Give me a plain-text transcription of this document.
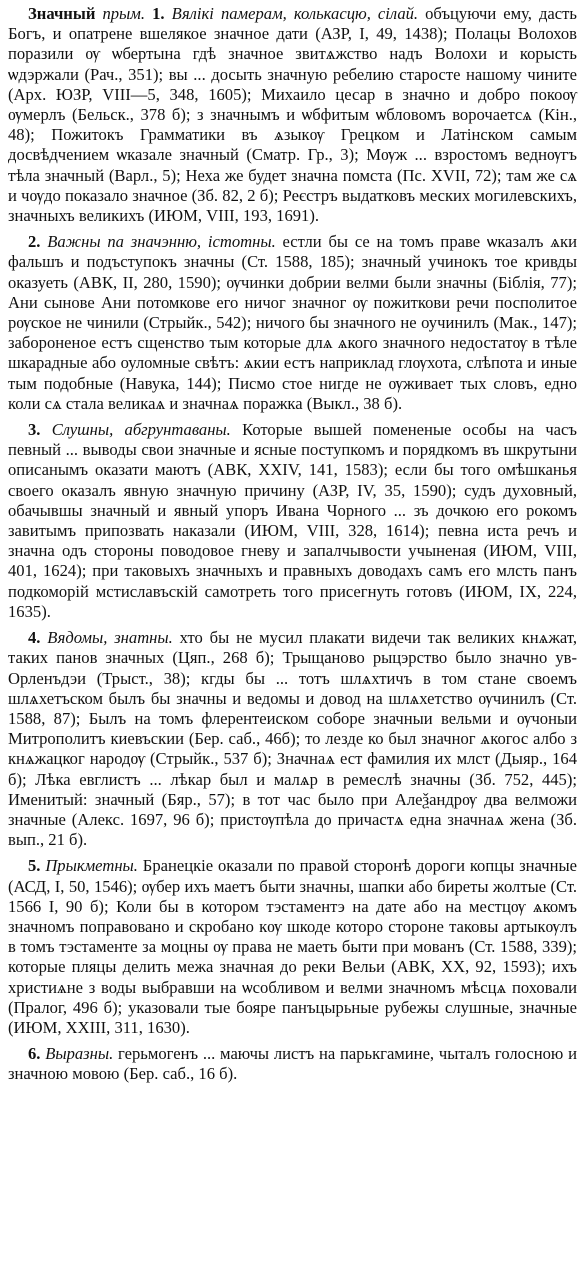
Значный прым. 1. Вялікі памерам, колькасцю, сілай. объцуючи ему, дасть Богъ, и опатрене вшелякое значное дати (АЗР, I, 49, 1438); Полацы Волохов поразили ѹ ѡбертына гдѣ значное звитѧжство надъ Волохи и корысть ѡдэржали (Рач., 351); вы ... досыть значную ребелию старосте нашому чините (Арх. ЮЗР, VIII—5, 348, 1605); Михаило цесар в значно и добро покоѹ ѹмерлъ (Бельск., 378 б); з значнымъ и ѡбфитым ѡбловомъ ворочаетсѧ (Кін., 48); Пожитокъ Грамматики въ ѧзыкѹ Грецком и Латінском самым досвѣдчением ѡказале значный (Сматр. Гр., 3); Мѹж ... взростомъ веднѹгъ тѣла значный (Варл., 5); Неха же будет значна помста (Пс. XVII, 72); там же сѧ и чѹдо показало значное (Зб. 82, 2 б); Реєстръ выдатковъ меских могилевскихъ, значныхъ великихъ (ИЮМ, VIII, 193, 1691).

2. Важны па значэнню, істотны. естли бы се на томъ праве ѡказалъ ѧки фальшъ и подъступокъ значны (Ст. 1588, 185); значный учинокъ тое кривды оказуеть (АВК, II, 280, 1590); ѹчинки добрии велми были значны (Біблія, 77); Ани сынове Ани потомкове его ничог значног ѹ пожиткови речи посполитое рѹское не чинили (Стрыйк., 542); ничого бы значного не оучинилъ (Мак., 147); забороненое естъ сщенство тым которые длѧ ѧкого значного недостатѹ в тѣле шкарадные або оуломные свѣтъ: ѧкии естъ наприклад глѹхота, слѣпота и иные тым подобные (Навука, 144); Писмо стое нигде не ѹживает тых словъ, едно коли сѧ стала великаѧ и значнаѧ поражка (Выкл., 38 б).

3. Слушны, абгрунтаваны. Которые вышей помененые особы на часъ певный ... выводы свои значные и ясные поступкомъ и порядкомъ въ шкрутыни описанымъ оказати маютъ (АВК, XXIV, 141, 1583); если бы того омѣшканья своего оказалъ явную значную причину (АЗР, IV, 35, 1590); судъ духовный, обачывшы значный и явный упоръ Ивана Чорного ... зъ дочкою его рокомъ завитымъ припозвать наказали (ИЮМ, VIII, 328, 1614); певна иста речъ и значна одъ стороны поводовое гневу и запалчывости учыненая (ИЮМ, VIII, 401, 1624); при таковыхъ значныхъ и правныхъ доводахъ самъ его млсть панъ подкоморій мстиславъскій самотреть того присегнуть готовъ (ИЮМ, IX, 224, 1635).

4. Вядомы, знатны. хто бы не мусил плакати видечи так великих кнѧжат, таких панов значных (Цяп., 268 б); Трыщаново рыцэрство было значно ув-Орленъдэи (Трыст., 38); кгды бы ... тотъ шлѧхтичъ в том стане своемъ шлѧхетъском былъ бы значны и ведомы и довод на шлѧхетство ѹчинилъ (Ст. 1588, 87); Былъ на томъ флерентеиском соборе значныи вельми и ѹчоныи Митрополитъ киевъскии (Бер. саб., 46б); то лезде ко был значног ѧкогос албо з кнѧжацког народѹ (Стрыйк., 537 б); Значнаѧ ест фамилия их млст (Дыяр., 164 б); Лѣка евглистъ ... лѣкар был и малѧр в ремеслѣ значны (Зб. 752, 445); Именитый: значный (Бяр., 57); в тот час было при Алеѯандрѹ два велможи значные (Алекс. 1697, 96 б); пристѹпѣла до причастѧ една значнаѧ жена (Зб. вып., 21 б).

5. Прыкметны. Бранецкіе оказали по правой сторонѣ дороги копцы значные (АСД, I, 50, 1546); ѹбер ихъ маетъ быти значны, шапки або биреты жолтые (Ст. 1566 I, 90 б); Коли бы в котором тэстаментэ на дате або на местцѹ ѧкомъ значномъ поправовано и скробано кѹ шкоде которо стороне таковы артыкѹлъ в томъ тэстаменте за моцны ѹ права не маеть быти при мованъ (Ст. 1588, 339); которые пляцы делить межа значная до реки Вельи (АВК, XX, 92, 1593); ихъ христиѧне з воды выбравши на ѡсобливом и велми значномъ мѣсцѧ поховали (Пралог, 496 б); указовали тые бояре панъцырьные рубежы слушные, значные (ИЮМ, XXIII, 311, 1630).

6. Выразны. герьмогенъ ... маючы листъ на парькгамине, чыталъ голосною и значною мовою (Бер. саб., 16 б).
